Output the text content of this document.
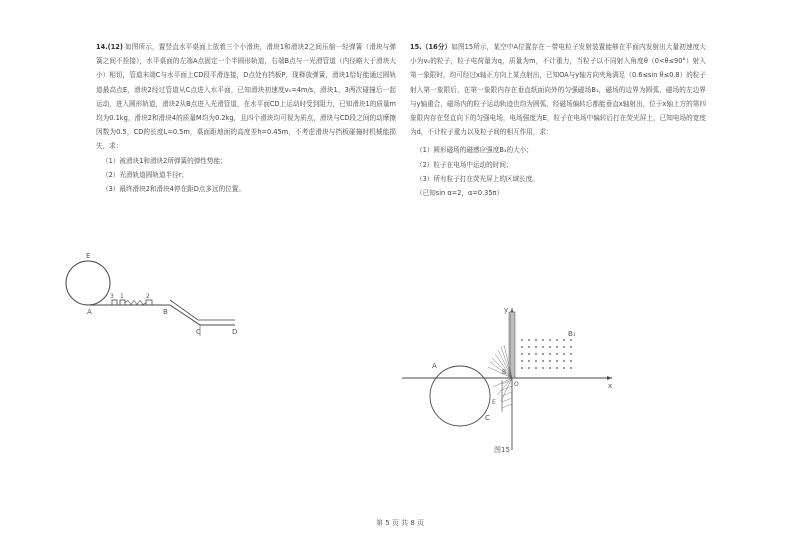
14.(12) 如图所示，置竖直水平桌面上放着三个小滑块，滑块1和滑块2之间压缩一轻弹簧（滑块与弹簧之间不拴接），水平桌面的左端A点固定一个半圆形轨道，右端B点与一光滑管道（内径略大于滑块大小）相切，管道末端C与水平面上CD段平滑连接，D点处有挡板P，现释放弹簧，滑块1恰好能通过圆轨道最高点E，滑块2经过管道从C点进入水平面，已知滑块初速度v₀=4m/s，滑块1、3两次碰撞后一起运动，进入圆形轨道，滑块2从B点进入光滑管道，在水平面CD上运动时受到阻力，已知滑块1的质量m均为0.1kg，滑块2和滑块4的质量M均为0.2kg，且四个滑块均可视为质点，滑块与CD段之间的动摩擦因数为0.5，CD的长度L=0.5m，桌面距地面的高度差h=0.45m，不考虑滑块与挡板碰撞时机械能损失，求：

（1）被滑块1和滑块2所弹簧的弹性势能；

（2）光滑轨道圆轨道半径r；

（3）最终滑块2和滑块4停在距D点多远的位置。

E
A
3 1	2
B
C	D

15.（16分）如图15所示，某空中A位置存在一带电粒子发射装置能够在平面内发射出大量初速度大小为v₀的粒子，粒子电荷量为q，质量为m，不计重力，当粒子以不同射入角度θ（0<θ≤90°）射入第一象限时，均可经过x轴正方向上某点射出，已知OA与y轴方向夹角满足（0.6≤sin θ≤0.8）的粒子射入第一象限后，在第一象限内存在垂直纸面向外的匀强磁场B₁，磁场的边界为圆弧，磁场的左边界与y轴重合，磁场内的粒子运动轨迹也均为圆弧，经磁场偏转后都能垂直x轴射出，位于x轴上方的第四象限内存在竖直向下的匀强电场，电场强度为E，粒子在电场中偏转后打在荧光屏上，已知电场的宽度为d，不计粒子重力以及粒子间的相互作用，求：

（1）圆形磁场的磁感应强度B₁的大小；

（2）粒子在电场中运动的时间；

（3）所有粒子打在荧光屏上的区域长度。

（已知sin α=2，α=0.35π）

y
x
O
A
C
B
E
B₁
图15
第 5 页 共 8 页
